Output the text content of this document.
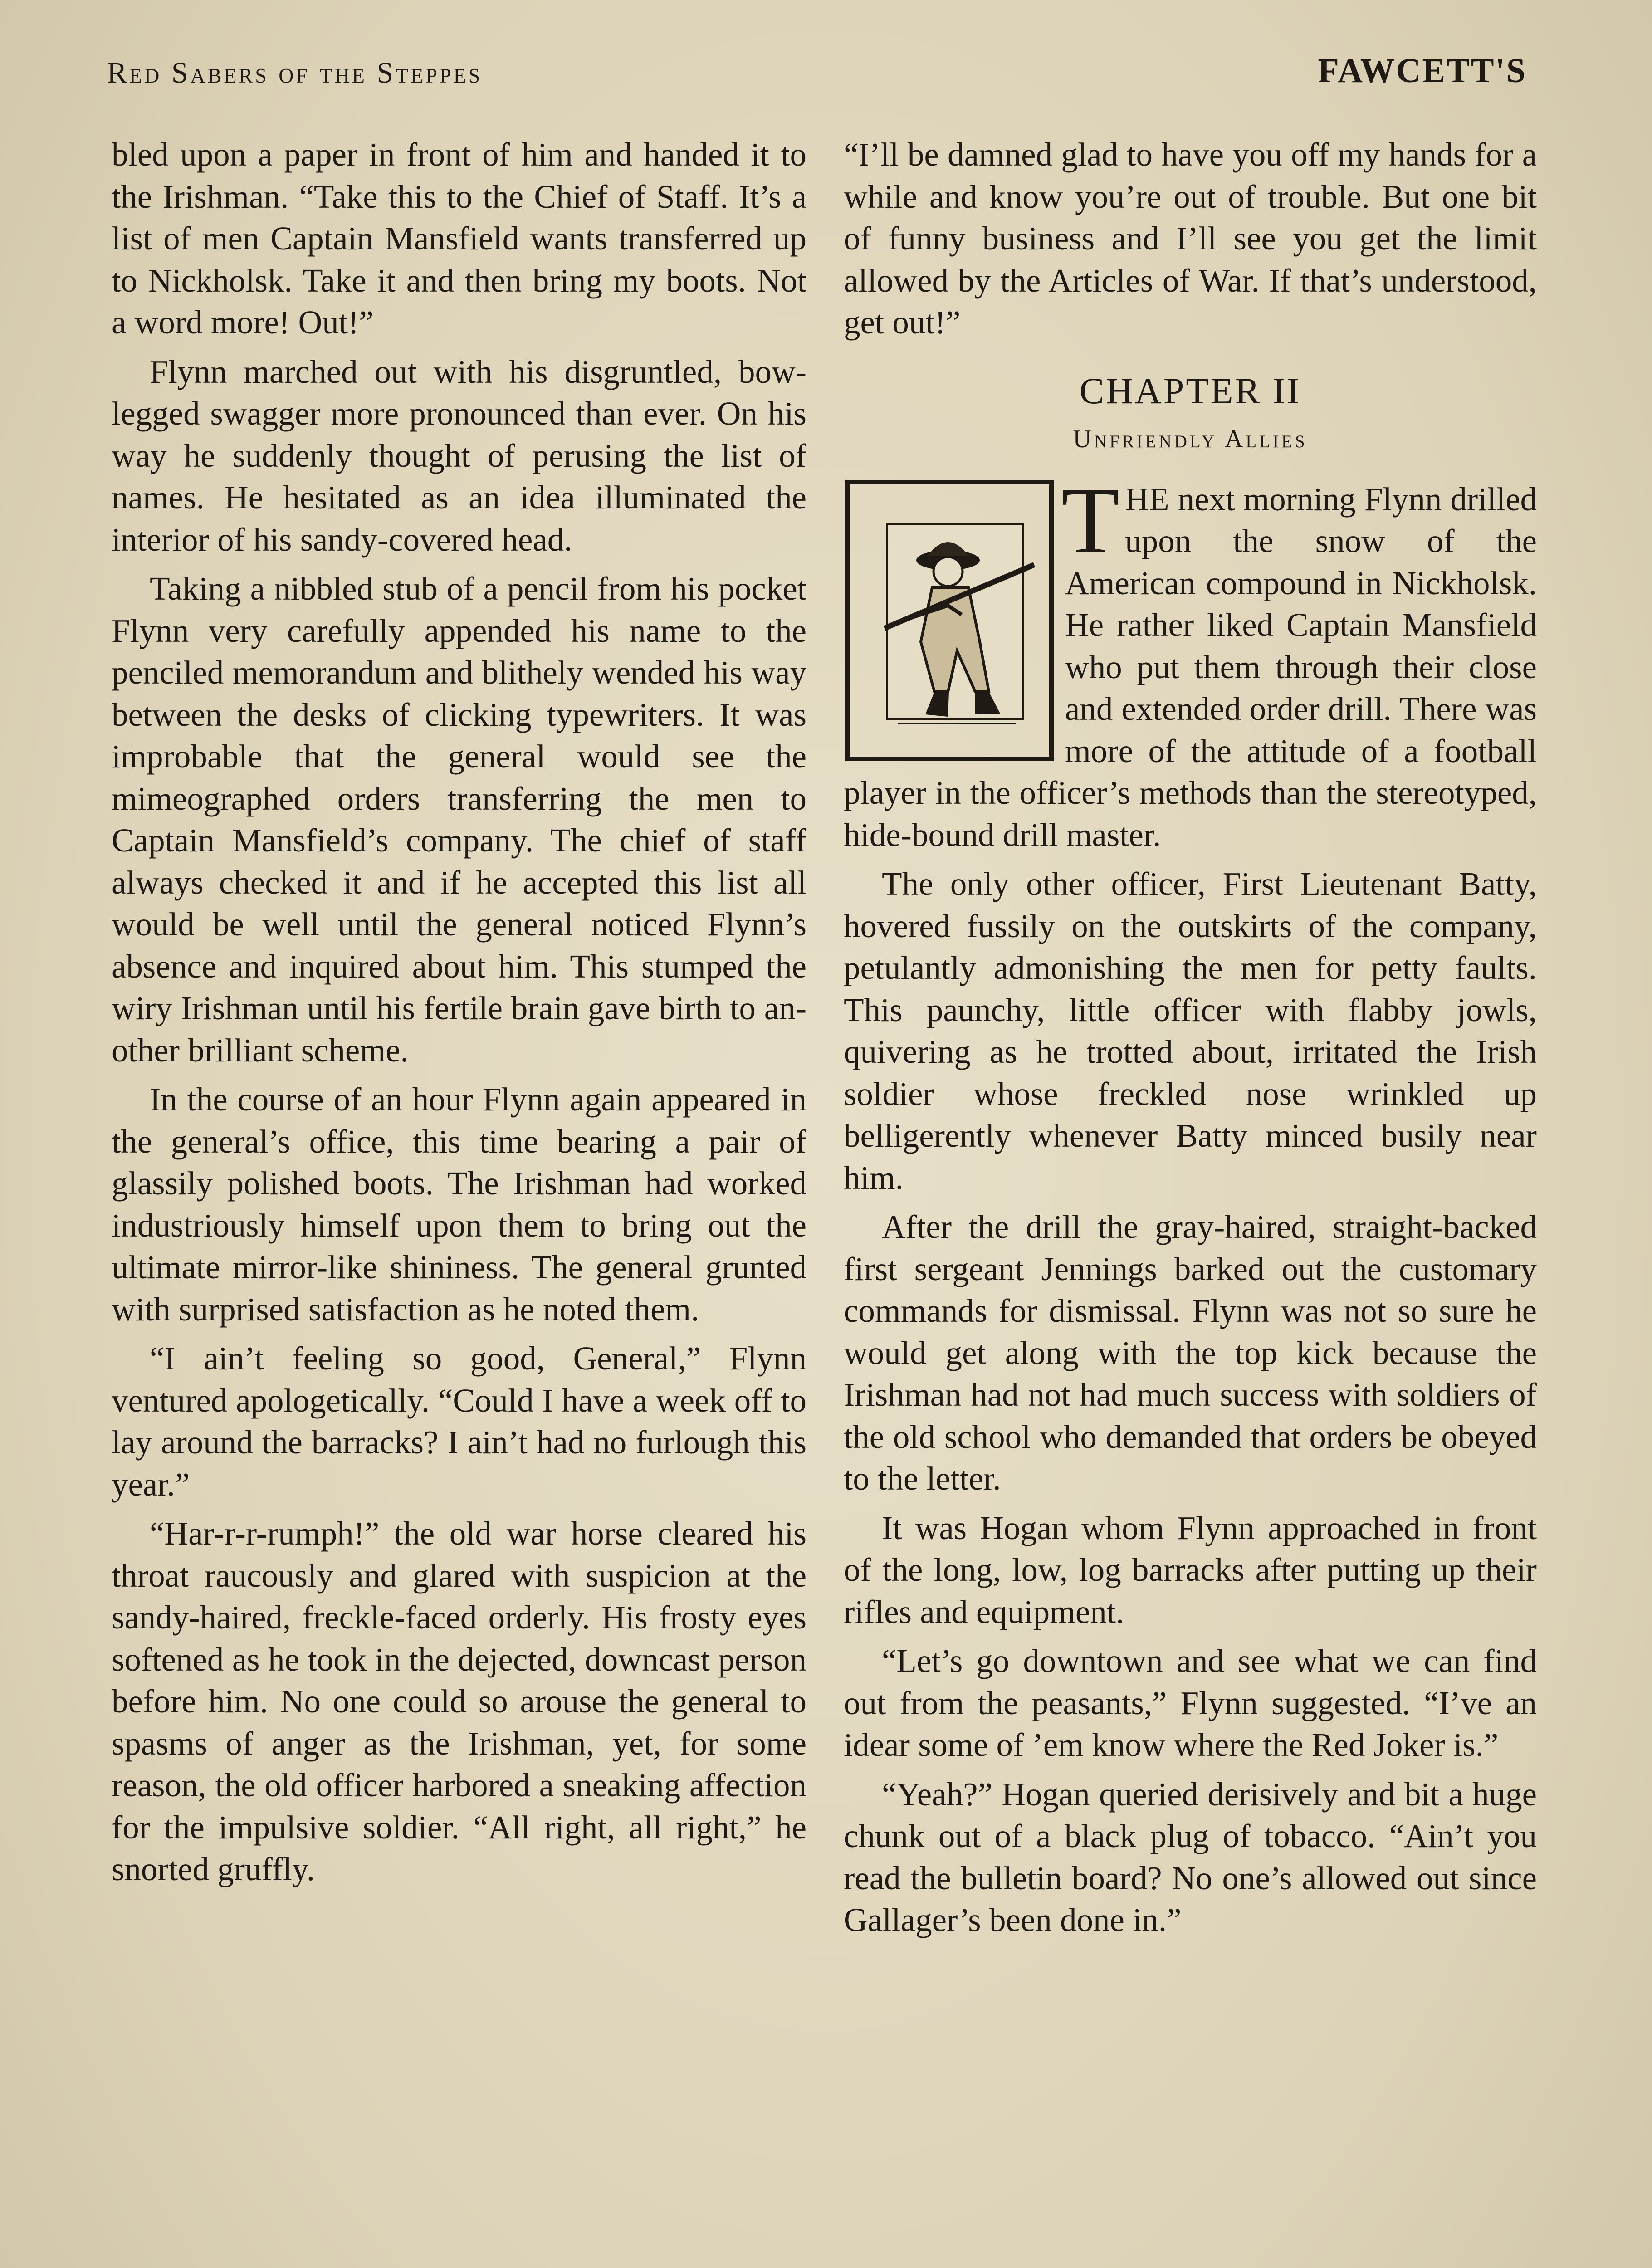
Red Sabers of the Steppes	FAWCETT'S

bled upon a paper in front of him and handed it to the Irishman. “Take this to the Chief of Staff. It’s a list of men Captain Mansfield wants transferred up to Nickholsk. Take it and then bring my boots. Not a word more! Out!”

Flynn marched out with his disgruntled, bow-legged swagger more pronounced than ever. On his way he suddenly thought of perusing the list of names. He hesitated as an idea illuminated the interior of his sandy-covered head.

Taking a nibbled stub of a pencil from his pocket Flynn very carefully appended his name to the penciled memorandum and blithely wended his way between the desks of clicking typewriters. It was improbable that the general would see the mimeographed orders transferring the men to Captain Mansfield’s company. The chief of staff always checked it and if he accepted this list all would be well until the general noticed Flynn’s absence and inquired about him. This stumped the wiry Irishman until his fertile brain gave birth to another brilliant scheme.

In the course of an hour Flynn again appeared in the general’s office, this time bearing a pair of glassily polished boots. The Irishman had worked industriously himself upon them to bring out the ultimate mirror-like shininess. The general grunted with surprised satisfaction as he noted them.

“I ain’t feeling so good, General,” Flynn ventured apologetically. “Could I have a week off to lay around the barracks? I ain’t had no furlough this year.”

“Har-r-r-rumph!” the old war horse cleared his throat raucously and glared with suspicion at the sandy-haired, freckle-faced orderly. His frosty eyes softened as he took in the dejected, downcast person before him. No one could so arouse the general to spasms of anger as the Irishman, yet, for some reason, the old officer harbored a sneaking affection for the impulsive soldier. “All right, all right,” he snorted gruffly.

“I’ll be damned glad to have you off my hands for a while and know you’re out of trouble. But one bit of funny business and I’ll see you get the limit allowed by the Articles of War. If that’s understood, get out!”

CHAPTER II
Unfriendly Allies

T HE next morning Flynn drilled upon the snow of the American compound in Nickholsk. He rather liked Captain Mansfield who put them through their close and extended order drill. There was more of the attitude of a football player in the officer’s methods than the stereotyped, hide-bound drill master.

The only other officer, First Lieutenant Batty, hovered fussily on the outskirts of the company, petulantly admonishing the men for petty faults. This paunchy, little officer with flabby jowls, quivering as he trotted about, irritated the Irish soldier whose freckled nose wrinkled up belligerently whenever Batty minced busily near him.

After the drill the gray-haired, straight-backed first sergeant Jennings barked out the customary commands for dismissal. Flynn was not so sure he would get along with the top kick because the Irishman had not had much success with soldiers of the old school who demanded that orders be obeyed to the letter.

It was Hogan whom Flynn approached in front of the long, low, log barracks after putting up their rifles and equipment.

“Let’s go downtown and see what we can find out from the peasants,” Flynn suggested. “I’ve an idear some of ’em know where the Red Joker is.”

“Yeah?” Hogan queried derisively and bit a huge chunk out of a black plug of tobacco. “Ain’t you read the bulletin board? No one’s allowed out since Gallager’s been done in.”
